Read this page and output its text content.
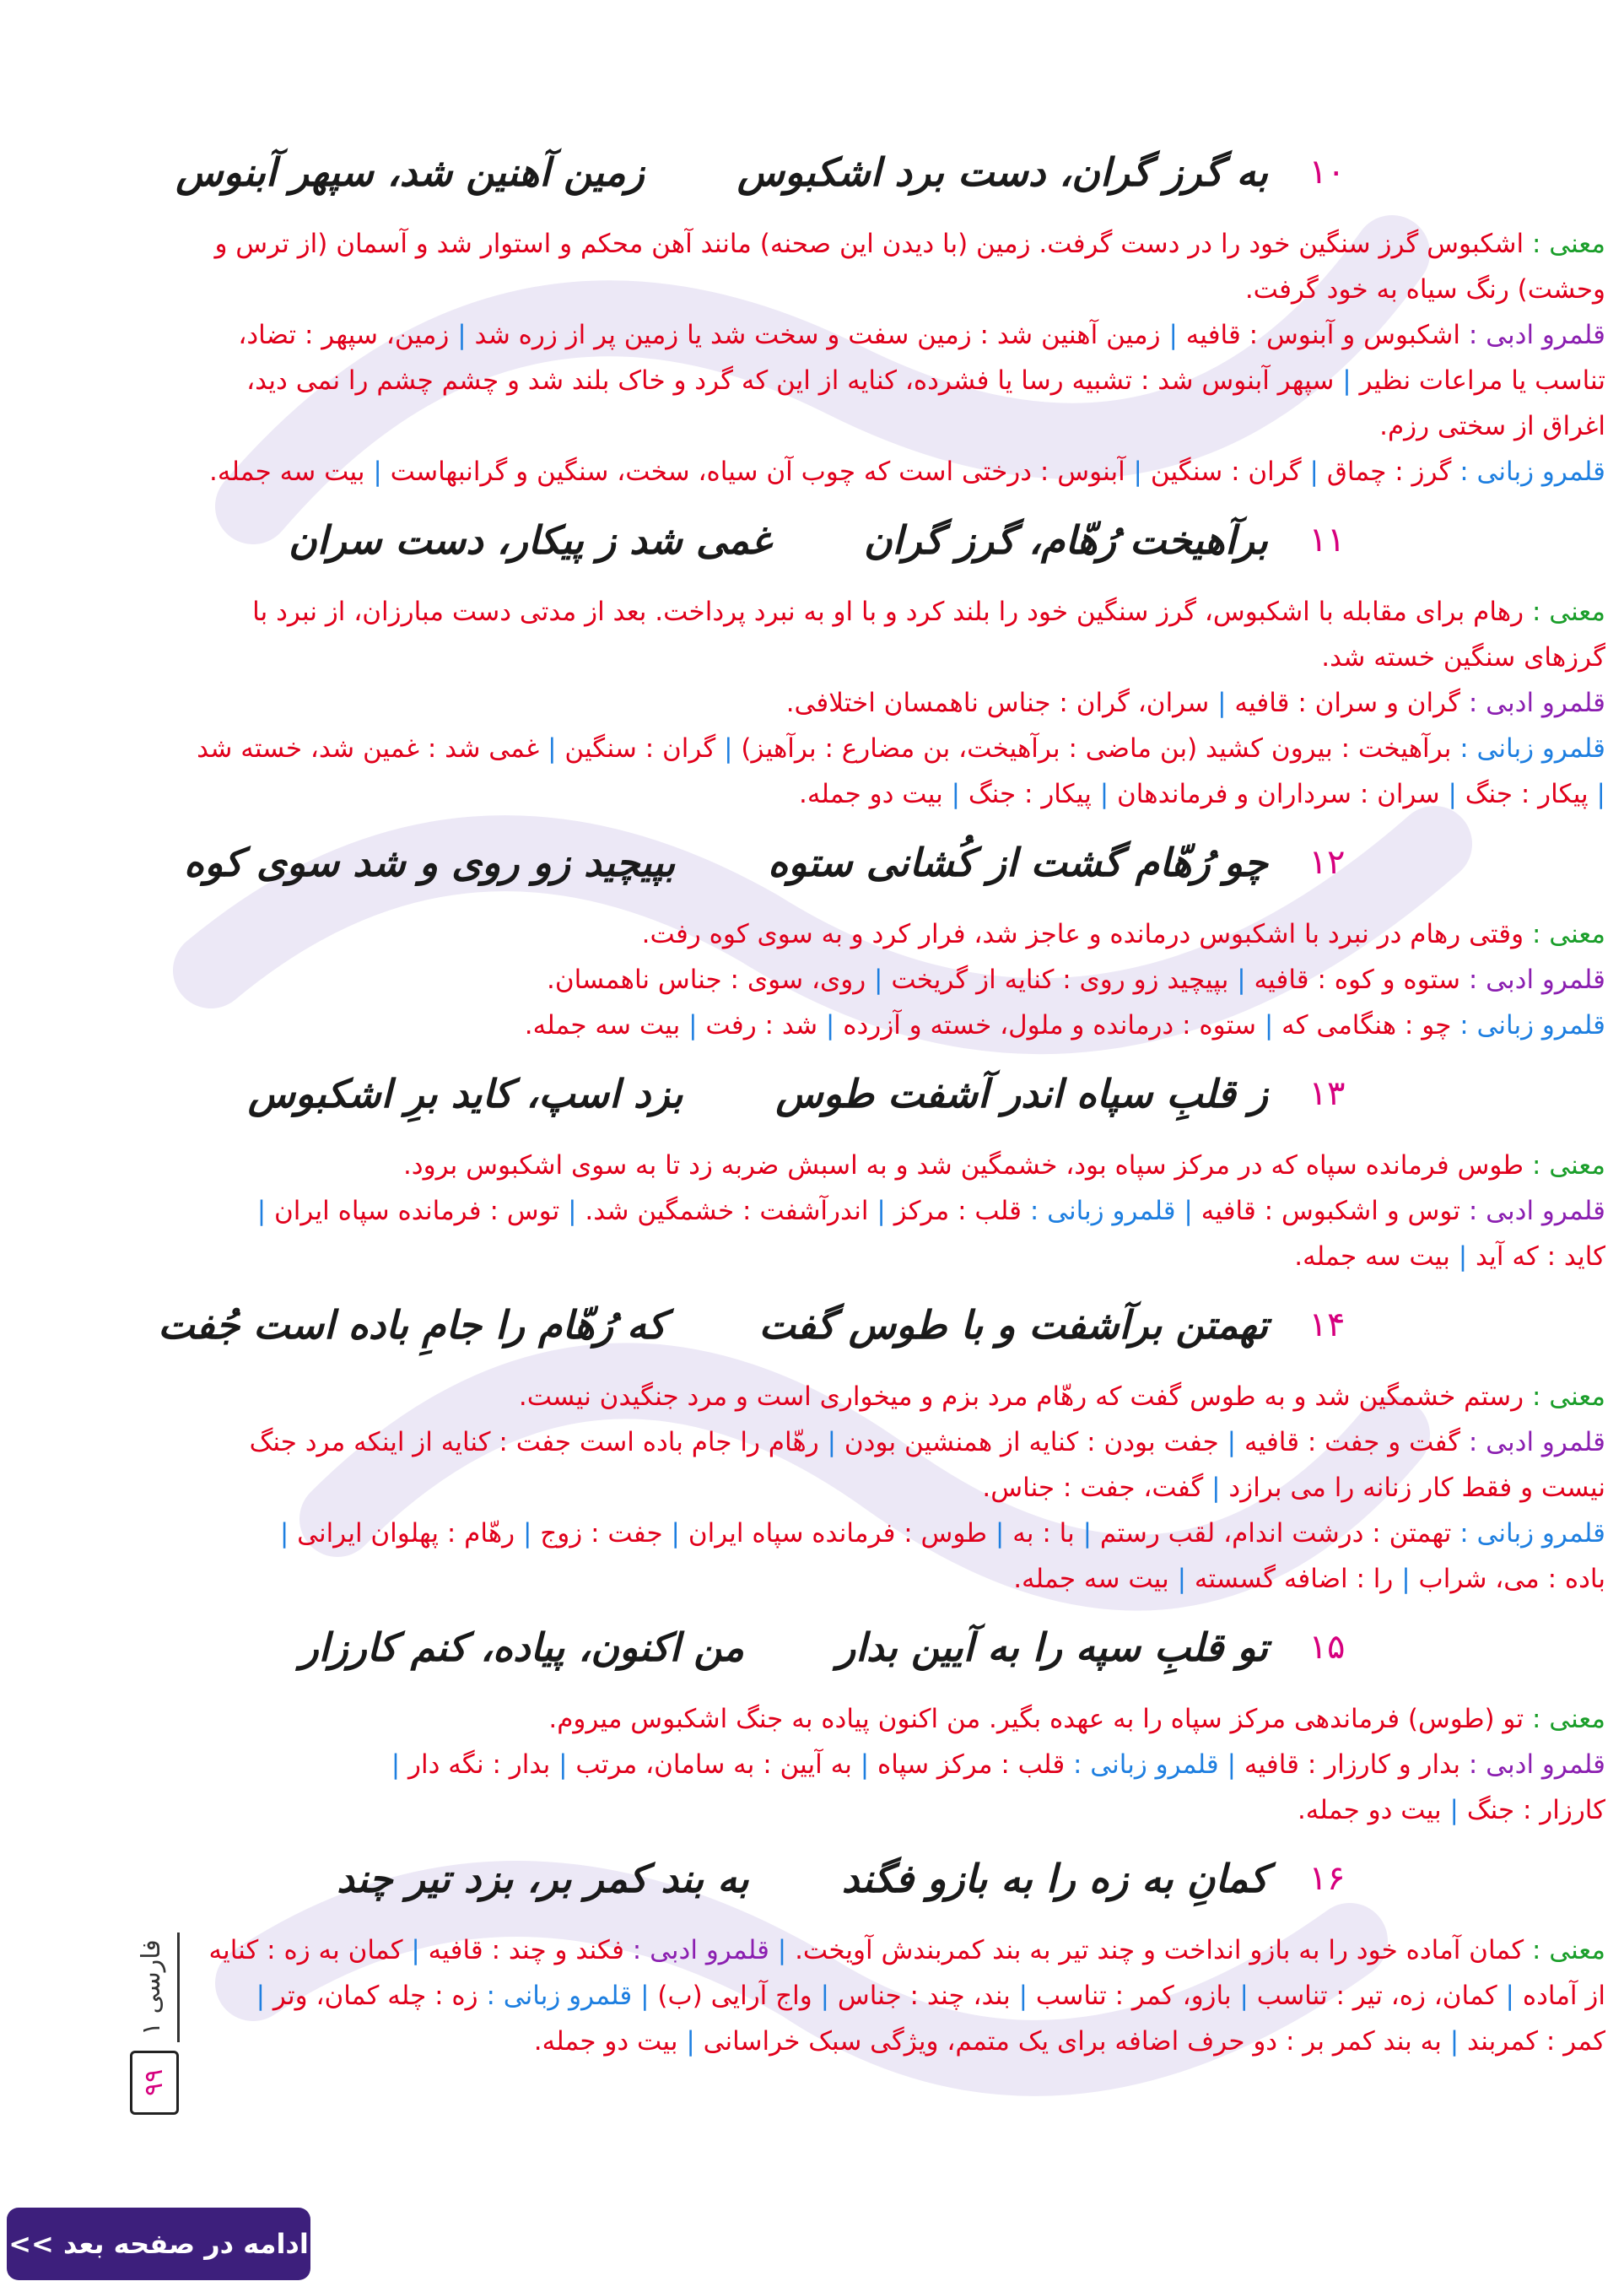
۱۰
به گرز گران، دست برد اشکبوس
زمین آهنین شد، سپهر آبنوس
معنی : اشکبوس گرز سنگین خود را در دست گرفت. زمین (با دیدن این صحنه) مانند آهن محکم و استوار شد و آسمان (از ترس و
وحشت) رنگ سیاه به خود گرفت.
قلمرو ادبی : اشکبوس و آبنوس : قافیه | زمین آهنین شد : زمین سفت و سخت شد یا زمین پر از زره شد | زمین، سپهر : تضاد،
تناسب یا مراعات نظیر | سپهر آبنوس شد : تشبیه رسا یا فشرده، کنایه از این که گرد و خاک بلند شد و چشم چشم را نمی دید،
اغراق از سختی رزم.
قلمرو زبانی : گرز : چماق | گران : سنگین | آبنوس : درختی است که چوب آن سیاه، سخت، سنگین و گرانبهاست | بیت سه جمله.
۱۱
برآهیخت رُهّام، گرز گران
غمی شد ز پیکار، دست سران
معنی : رهام برای مقابله با اشکبوس، گرز سنگین خود را بلند کرد و با او به نبرد پرداخت. بعد از مدتی دست مبارزان، از نبرد با
گرزهای سنگین خسته شد.
قلمرو ادبی : گران و سران : قافیه | سران، گران : جناس ناهمسان اختلافی.
قلمرو زبانی : برآهیخت : بیرون کشید (بن ماضی : برآهیخت، بن مضارع : برآهیز) | گران : سنگین | غمی شد : غمین شد، خسته شد
| پیکار : جنگ | سران : سرداران و فرماندهان | پیکار : جنگ | بیت دو جمله.
۱۲
چو رُهّام گشت از کُشانی ستوه
بپیچید زو روی و شد سوی کوه
معنی : وقتی رهام در نبرد با اشکبوس درمانده و عاجز شد، فرار کرد و به سوی کوه رفت.
قلمرو ادبی : ستوه و کوه : قافیه | بپیچید زو روی : کنایه از گریخت | روی، سوی : جناس ناهمسان.
قلمرو زبانی : چو : هنگامی که | ستوه : درمانده و ملول، خسته و آزرده | شد : رفت | بیت سه جمله.
۱۳
ز قلبِ سپاه اندر آشفت طوس
بزد اسپ، کاید برِ اشکبوس
معنی : طوس فرمانده سپاه که در مرکز سپاه بود، خشمگین شد و به اسبش ضربه زد تا به سوی اشکبوس برود.
قلمرو ادبی : توس و اشکبوس : قافیه | قلمرو زبانی : قلب : مرکز | اندرآشفت : خشمگین شد. | توس : فرمانده سپاه ایران |
کاید : که آید | بیت سه جمله.
۱۴
تهمتن برآشفت و با طوس گفت
که رُهّام را جامِ باده است جُفت
معنی : رستم خشمگین شد و به طوس گفت که رهّام مرد بزم و میخواری است و مرد جنگیدن نیست.
قلمرو ادبی : گفت و جفت : قافیه | جفت بودن : کنایه از همنشین بودن | رهّام را جام باده است جفت : کنایه از اینکه مرد جنگ
نیست و فقط کار زنانه را می برازد | گفت، جفت : جناس.
قلمرو زبانی : تهمتن : درشت اندام، لقب رستم | با : به | طوس : فرمانده سپاه ایران | جفت : زوج | رهّام : پهلوان ایرانی |
باده : می، شراب | را : اضافه گسسته | بیت سه جمله.
۱۵
تو قلبِ سپه را به آیین بدار
من اکنون، پیاده، کنم کارزار
معنی : تو (طوس) فرماندهی مرکز سپاه را به عهده بگیر. من اکنون پیاده به جنگ اشکبوس میروم.
قلمرو ادبی : بدار و کارزار : قافیه | قلمرو زبانی : قلب : مرکز سپاه | به آیین : به سامان، مرتب | بدار : نگه دار |
کارزار : جنگ | بیت دو جمله.
۱۶
کمانِ به زه را به بازو فگند
به بند کمر بر، بزد تیر چند
معنی : کمان آماده خود را به بازو انداخت و چند تیر به بند کمربندش آویخت. | قلمرو ادبی : فکند و چند : قافیه | کمان به زه : کنایه
از آماده | کمان، زه، تیر : تناسب | بازو، کمر : تناسب | بند، چند : جناس | واج آرایی (ب) | قلمرو زبانی : زه : چله کمان، وتر |
کمر : کمربند | به بند کمر بر : دو حرف اضافه برای یک متمم، ویژگی سبک خراسانی | بیت دو جمله.
فارسی ۱
۹۹
ادامه در صفحه بعد >>
